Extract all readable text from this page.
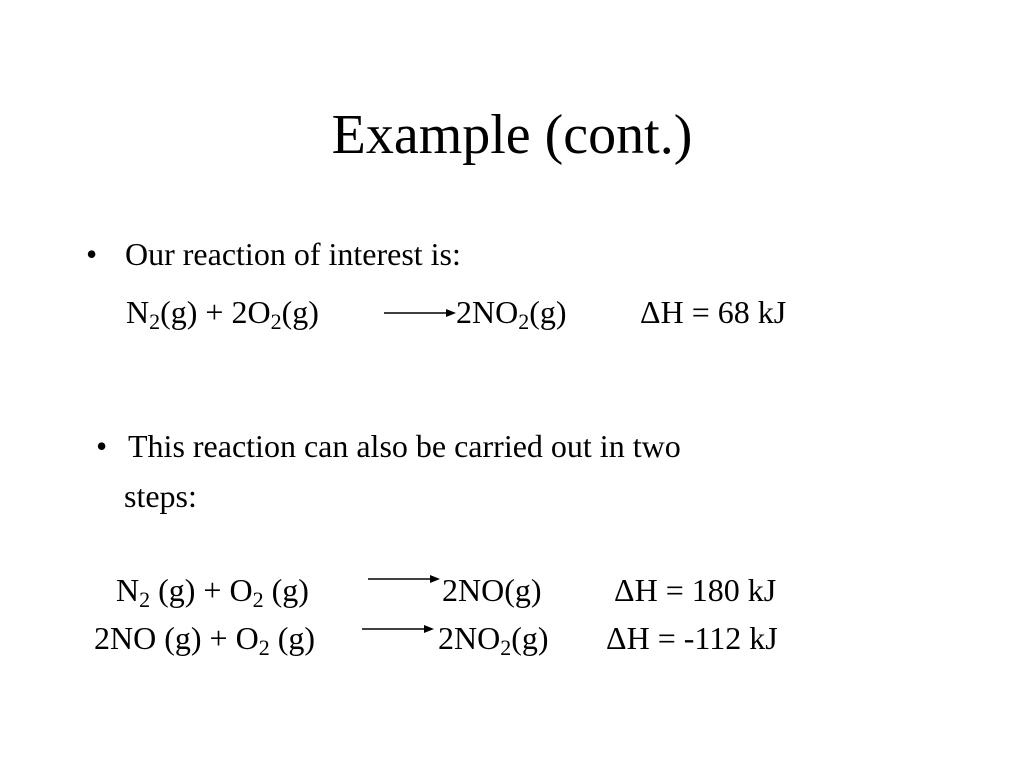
Example (cont.)
• Our reaction of interest is:
$N_2(g) + 2O_2(g) \to 2NO_2(g) \Delta H = 68$ kJ
• This reaction can also be carried out in two
steps:
$N_2$ $(g) + O_2$ (g) → 2NO(g) ΔH = 180 kJ
2NO $(g) + O_2$ $(g) \to 2NO_2(g) \Delta H = -112$ kJ
